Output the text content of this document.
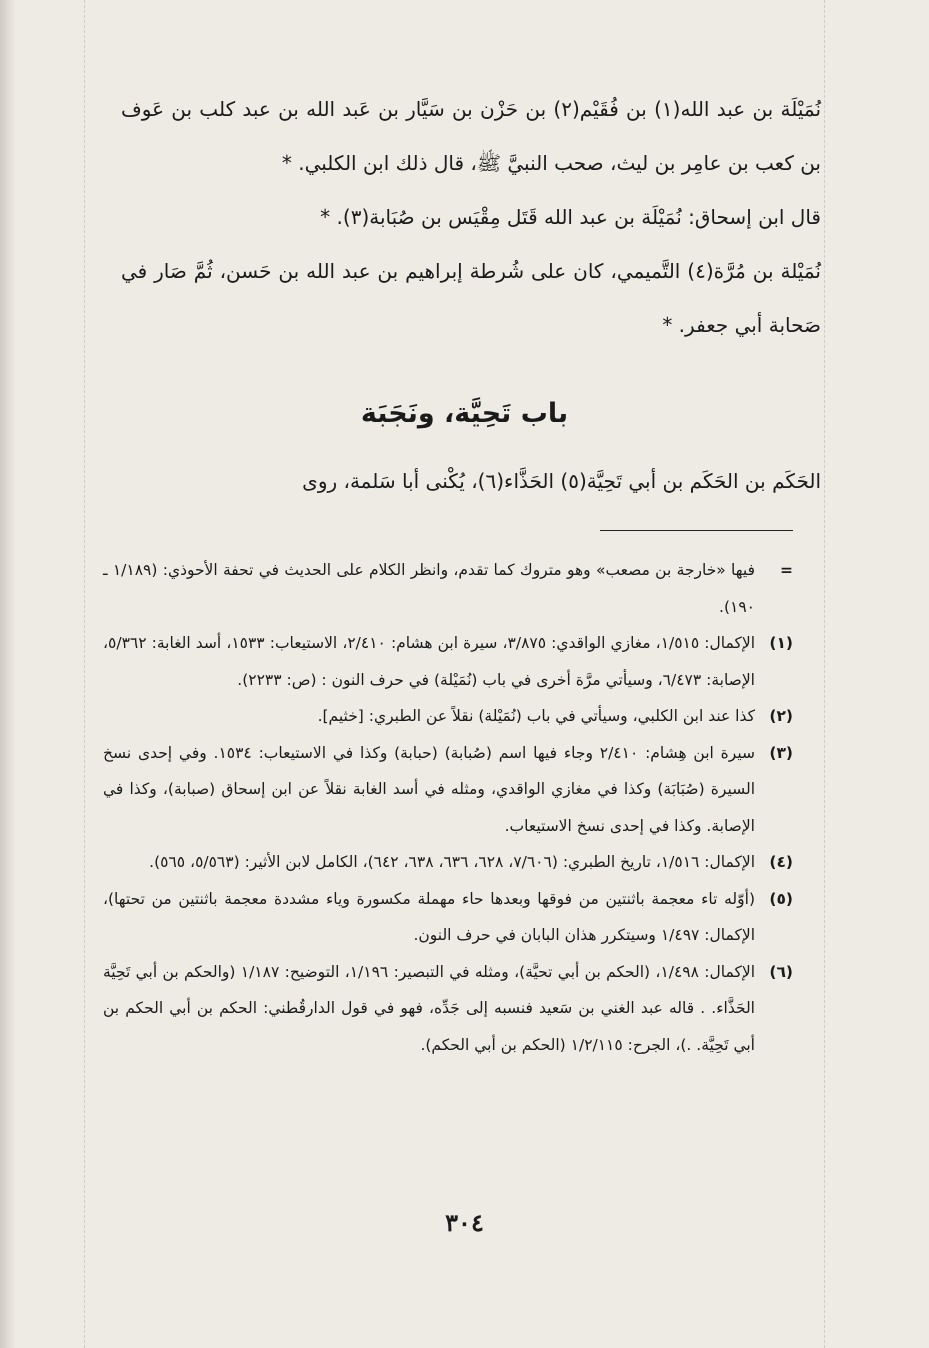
نُمَيْلَة بن عبد الله(١) بن فُقَيْم(٢) بن حَزْن بن سَيَّار بن عَبد الله بن عبد كلب بن عَوف بن كعب بن عامِر بن ليث، صحب النبيَّ ﷺ، قال ذلك ابن الكلبي. *

قال ابن إسحاق: نُمَيْلَة بن عبد الله قَتَل مِقْيَس بن صُبَابة(٣). *

نُمَيْلة بن مُرَّة(٤) التَّميمي، كان على شُرطة إبراهيم بن عبد الله بن حَسن، ثُمَّ صَار في صَحابة أبي جعفر. *

باب تَحِيَّة، ونَجَبَة

الحَكَم بن الحَكَم بن أبي تَحِيَّة(٥) الحَذَّاء(٦)، يُكْنى أبا سَلمة، روى

=

فيها «خارجة بن مصعب» وهو متروك كما تقدم، وانظر الكلام على الحديث في تحفة الأحوذي: (١/١٨٩ ـ ١٩٠).

(١)

الإكمال: ١/٥١٥، مغازي الواقدي: ٣/٨٧٥، سيرة ابن هشام: ٢/٤١٠، الاستيعاب: ١٥٣٣، أسد الغابة: ٥/٣٦٢، الإصابة: ٦/٤٧٣، وسيأتي مرَّة أخرى في باب (نُمَيْلة) في حرف النون : (ص: ٢٢٣٣).

(٢)

كذا عند ابن الكلبي، وسيأتي في باب (نُمَيْلة) نقلاً عن الطبري: [خثيم].

(٣)

سيرة ابن هِشام: ٢/٤١٠ وجاء فيها اسم (صُبابة) (حبابة) وكذا في الاستيعاب: ١٥٣٤. وفي إحدى نسخ السيرة (صُبَابَة) وكذا في مغازي الواقدي، ومثله في أسد الغابة نقلاً عن ابن إسحاق (صبابة)، وكذا في الإصابة. وكذا في إحدى نسخ الاستيعاب.

(٤)

الإكمال: ١/٥١٦، تاريخ الطبري: (٧/٦٠٦، ٦٢٨، ٦٣٦، ٦٣٨، ٦٤٢)، الكامل لابن الأثير: (٥/٥٦٣، ٥٦٥).

(٥)

(أوّله تاء معجمة باثنتين من فوقها وبعدها حاء مهملة مكسورة وياء مشددة معجمة باثنتين من تحتها)، الإكمال: ١/٤٩٧ وسيتكرر هذان البابان في حرف النون.

(٦)

الإكمال: ١/٤٩٨، (الحكم بن أبي تحيَّة)، ومثله في التبصير: ١/١٩٦، التوضيح: ١/١٨٧ (والحكم بن أبي تَحِيَّة الحَذَّاء. . قاله عبد الغني بن سَعيد فنسبه إلى جَدِّه، فهو في قول الدارقُطني: الحكم بن أبي الحكم بن أبي تَحِيَّة. .)، الجرح: ١/٢/١١٥ (الحكم بن أبي الحكم).

٣٠٤
